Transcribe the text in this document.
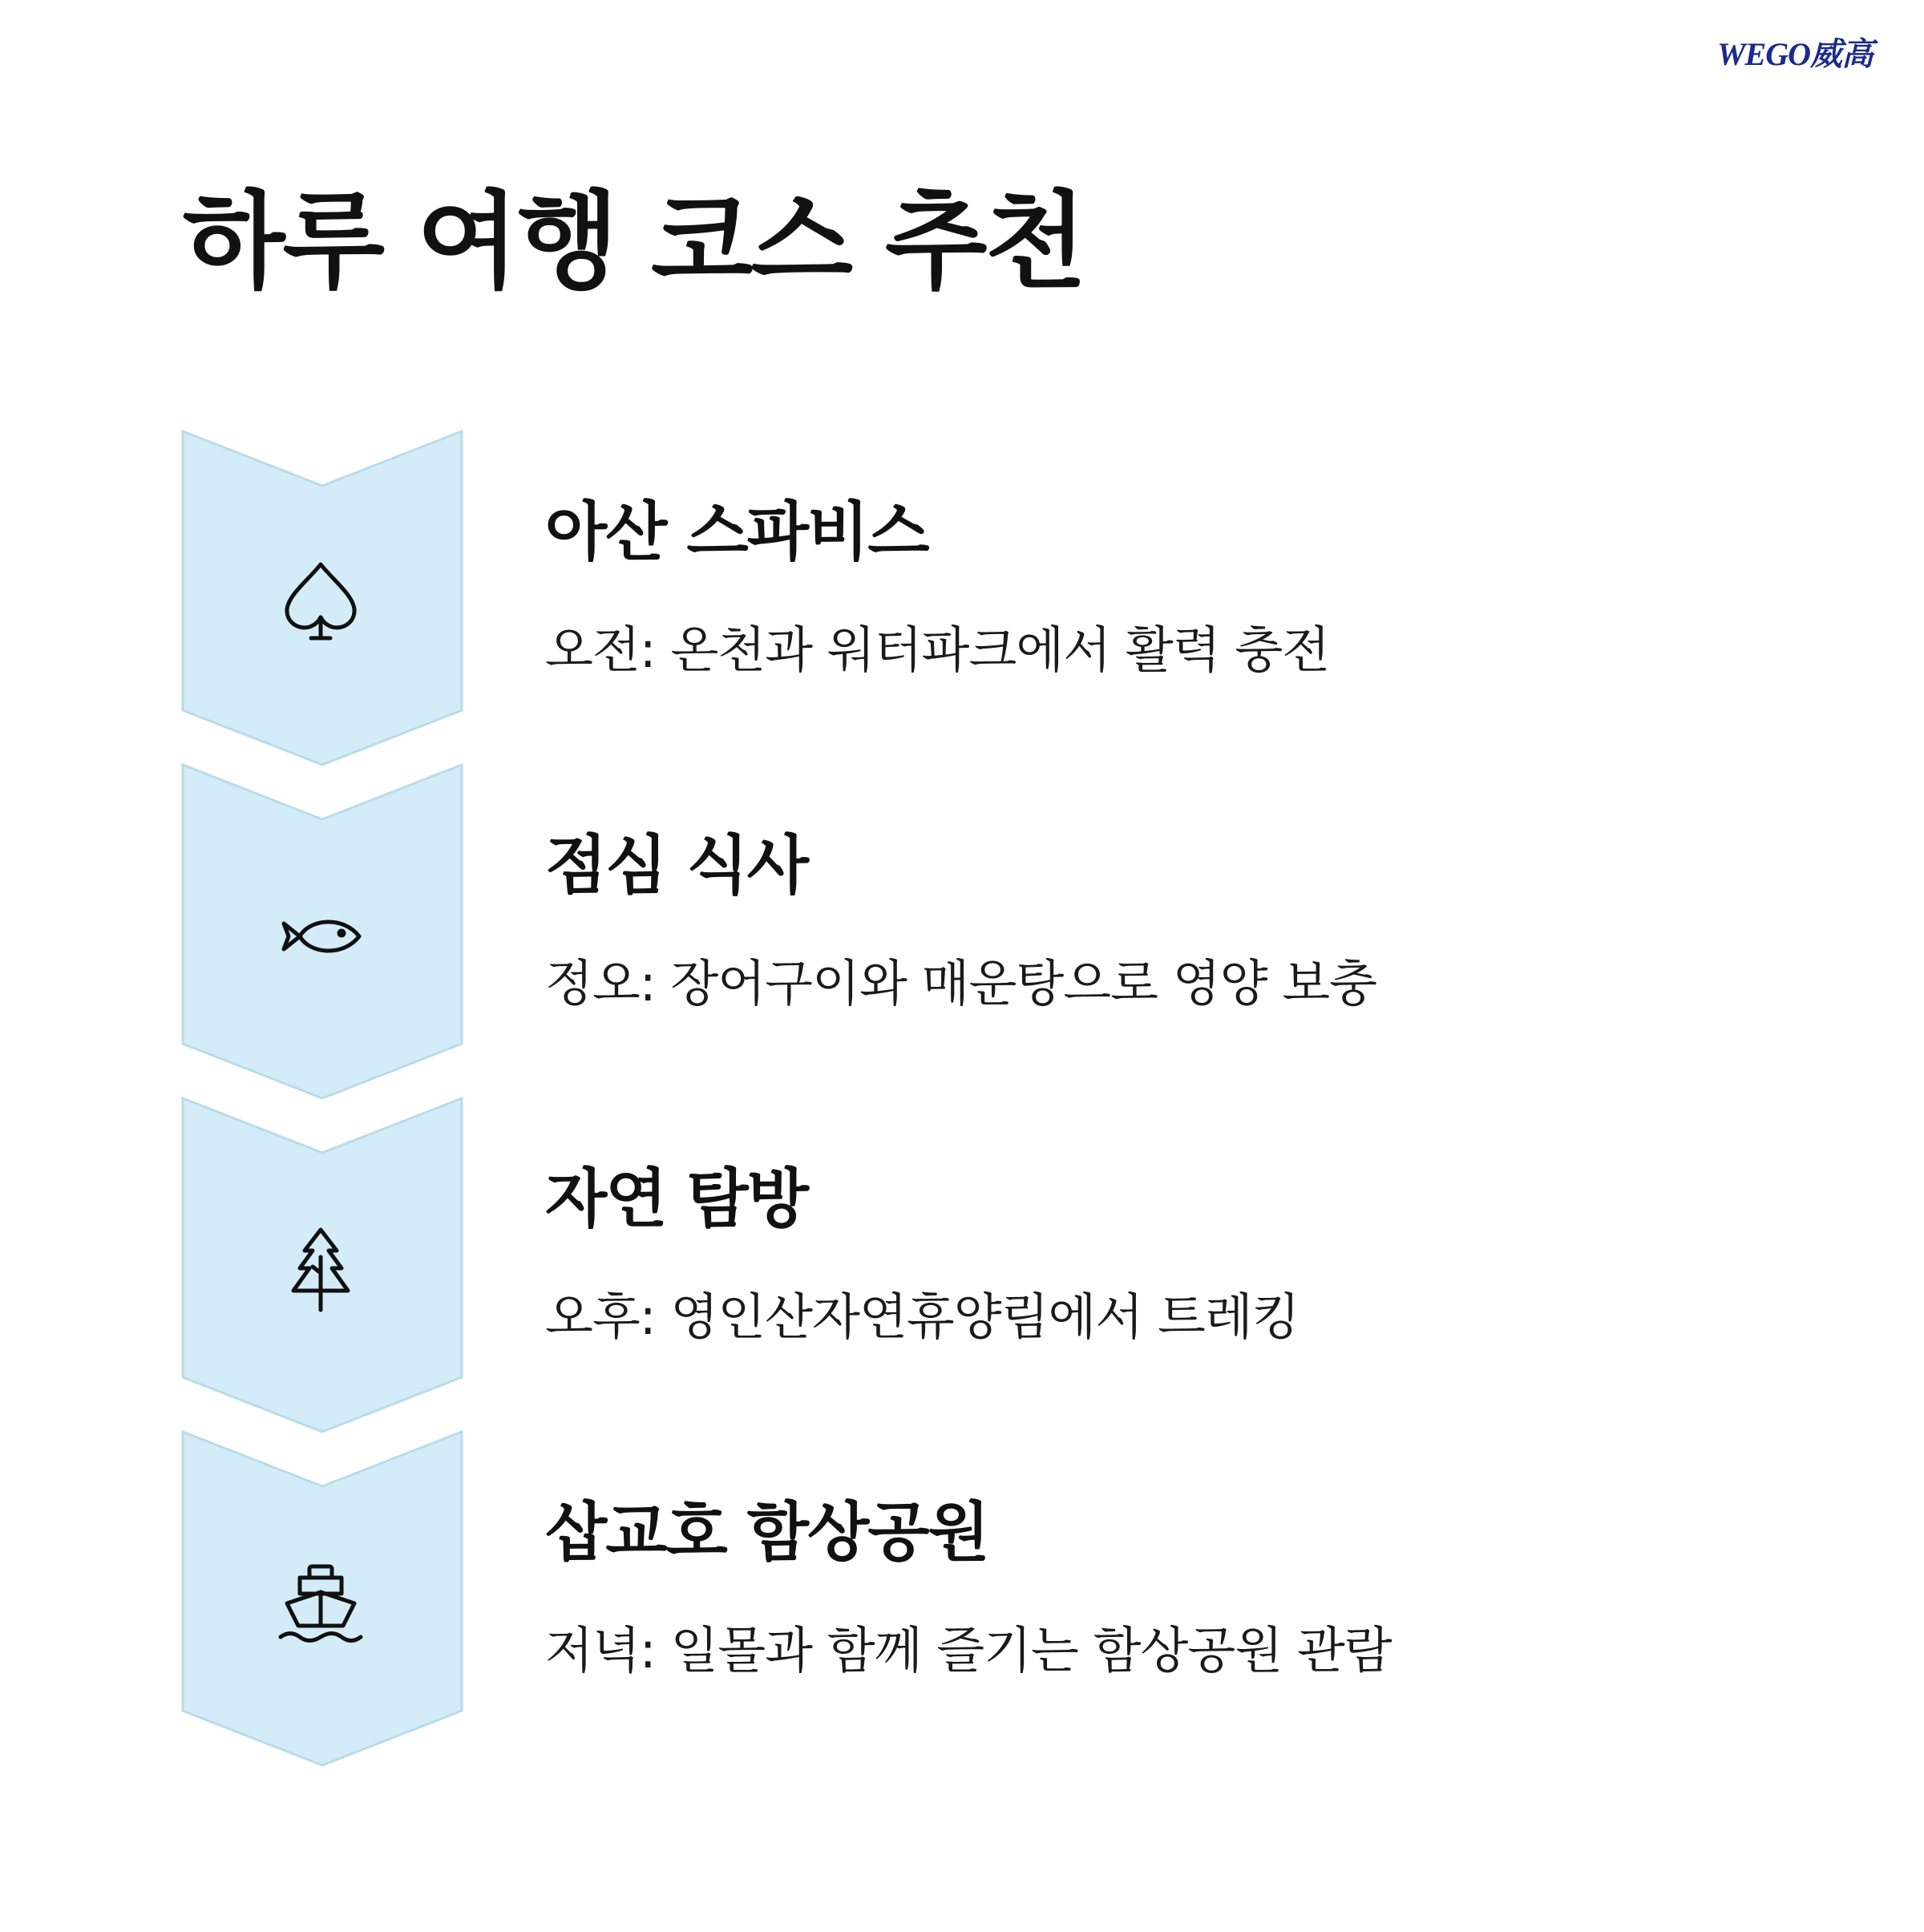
WEGO威高
하루 여행 코스 추천
아산 스파비스

오전: 온천과 워터파크에서 활력 충전

점심 식사

정오: 장어구이와 매운탕으로 영양 보충

자연 탐방

오후: 영인산자연휴양림에서 트레킹

삽교호 함상공원

저녁: 일몰과 함께 즐기는 함상공원 관람
